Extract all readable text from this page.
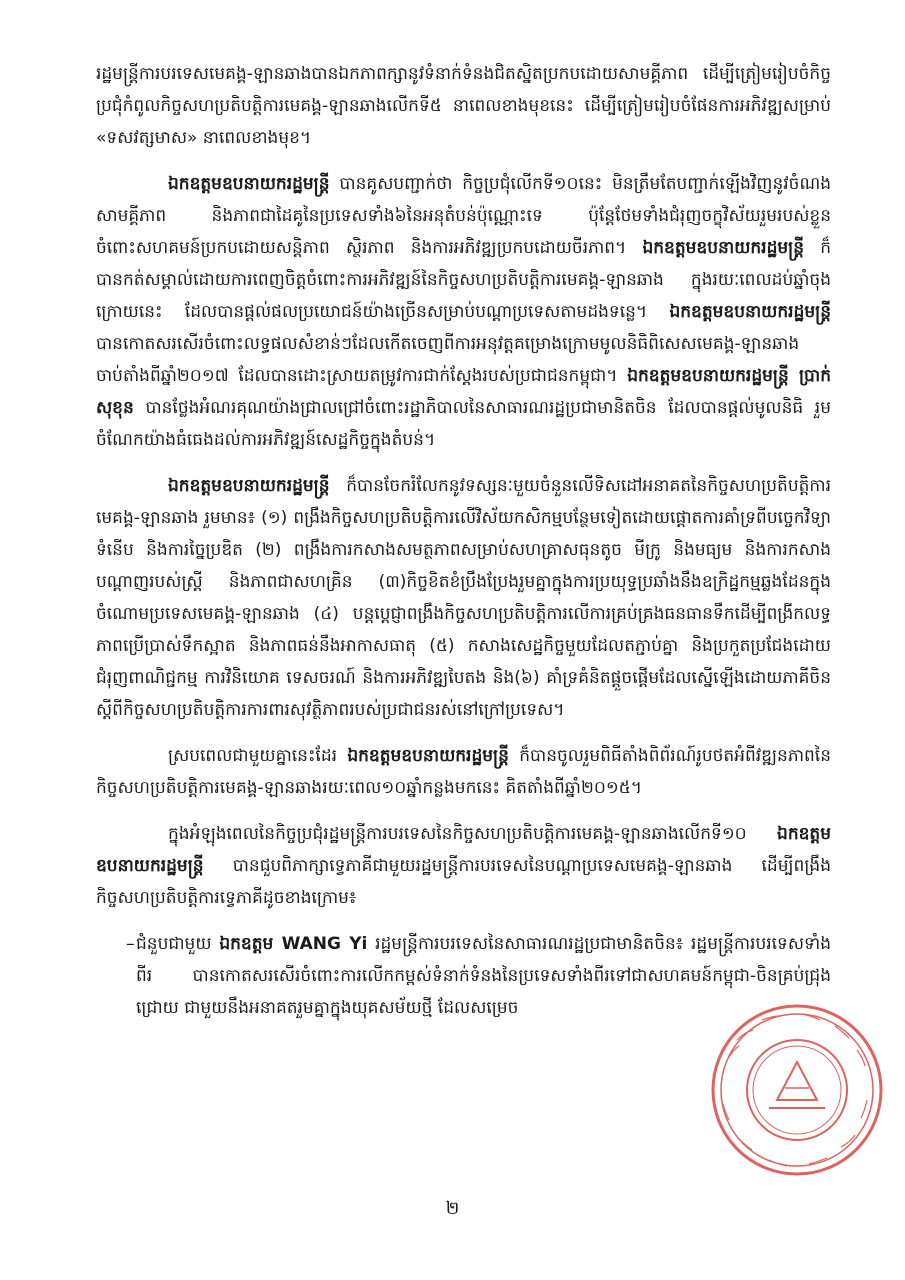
រដ្ឋមន្ត្រីការបរទេសមេគង្គ-ឡានឆាងបានឯកភាពក្សានូវទំនាក់ទំនងជិតស្និតប្រកបដោយសាមគ្គីភាព ដើម្បីត្រៀមរៀបចំកិច្ចប្រជុំកំពូលកិច្ចសហប្រតិបត្តិការមេគង្គ-ឡានឆាងលើកទី៥ នាពេលខាងមុខនេះ ដើម្បីត្រៀមរៀបចំផែនការអភិវឌ្ឍសម្រាប់ «ទសវត្សមាស» នាពេលខាងមុខ។

ឯកឧត្តមឧបនាយករដ្ឋមន្ត្រី បានគូសបញ្ជាក់ថា កិច្ចប្រជុំលើកទី១០នេះ មិនត្រឹមតែបញ្ជាក់ឡើងវិញនូវចំណងសាមគ្គីភាព និងភាពជាដៃគូនៃប្រទេសទាំង៦នៃអនុតំបន់ប៉ុណ្ណោះទេ ប៉ុន្តែថែមទាំងជំរុញចក្ខុវិស័យរួមរបស់ខ្លួនចំពោះសហគមន៍ប្រកបដោយសន្តិភាព ស្ថិរភាព និងការអភិវឌ្ឍប្រកបដោយចីរភាព។ ឯកឧត្តមឧបនាយករដ្ឋមន្ត្រី ក៏បានកត់សម្គាល់ដោយការពេញចិត្តចំពោះការអភិវឌ្ឍន៍នៃកិច្ចសហប្រតិបត្តិការមេគង្គ-ឡានឆាង ក្នុងរយៈពេលដប់ឆ្នាំចុងក្រោយនេះ ដែលបានផ្តល់ផលប្រយោជន៍យ៉ាងច្រើនសម្រាប់បណ្តាប្រទេសតាមដងទន្លេ។ ឯកឧត្តមឧបនាយករដ្ឋមន្ត្រី បានកោតសរសើរចំពោះលទ្ធផលសំខាន់ៗដែលកើតចេញពីការអនុវត្តគម្រោងក្រោមមូលនិធិពិសេសមេគង្គ-ឡានឆាង ចាប់តាំងពីឆ្នាំ២០១៧ ដែលបានដោះស្រាយតម្រូវការជាក់ស្តែងរបស់ប្រជាជនកម្ពុជា។ ឯកឧត្តមឧបនាយករដ្ឋមន្ត្រី ប្រាក់ សុខុន បានថ្លែងអំណរគុណយ៉ាងជ្រាលជ្រៅចំពោះរដ្ឋាភិបាលនៃសាធារណរដ្ឋប្រជាមានិតចិន ដែលបានផ្តល់មូលនិធិ រួមចំណែកយ៉ាងធំធេងដល់ការអភិវឌ្ឍន៍សេដ្ឋកិច្ចក្នុងតំបន់។

ឯកឧត្តមឧបនាយករដ្ឋមន្ត្រី ក៏បានចែករំលែកនូវទស្សនៈមួយចំនួនលើទិសដៅអនាគតនៃកិច្ចសហប្រតិបត្តិការមេគង្គ-ឡានឆាង រួមមាន៖ (១) ពង្រឹងកិច្ចសហប្រតិបត្តិការលើវិស័យកសិកម្មបន្ថែមទៀតដោយផ្តោតការគាំទ្រពីបច្ចេកវិទ្យាទំនើប និងការច្នៃប្រឌិត (២) ពង្រឹងការកសាងសមត្ថភាពសម្រាប់សហគ្រាសធុនតូច មីក្រូ និងមធ្យម និងការកសាងបណ្តាញរបស់ស្ត្រី និងភាពជាសហគ្រិន (៣)កិច្ចខិតខំប្រឹងប្រែងរួមគ្នាក្នុងការប្រយុទ្ធប្រឆាំងនឹងឧក្រិដ្ឋកម្មឆ្លងដែនក្នុងចំណោមប្រទេសមេគង្គ-ឡានឆាង (៤) បន្តប្តេជ្ញាពង្រឹងកិច្ចសហប្រតិបត្តិការលើការគ្រប់គ្រងធនធានទឹកដើម្បីពង្រីកលទ្ធភាពប្រើប្រាស់ទឹកស្អាត និងភាពធន់នឹងអាកាសធាតុ (៥) កសាងសេដ្ឋកិច្ចមួយដែលតភ្ជាប់គ្នា និងប្រកួតប្រជែងដោយជំរុញពាណិជ្ជកម្ម ការវិនិយោគ ទេសចរណ៍ និងការអភិវឌ្ឍបៃតង និង(៦) គាំទ្រគំនិតផ្តួចផ្តើមដែលស្នើឡើងដោយភាគីចិន ស្តីពីកិច្ចសហប្រតិបត្តិការការពារសុវត្ថិភាពរបស់ប្រជាជនរស់នៅក្រៅប្រទេស។

ស្របពេលជាមួយគ្នានេះដែរ ឯកឧត្តមឧបនាយករដ្ឋមន្ត្រី ក៏បានចូលរួមពិធីតាំងពិព័រណ៍រូបថតអំពីវឌ្ឍនភាពនៃកិច្ចសហប្រតិបត្តិការមេគង្គ-ឡានឆាងរយៈពេល១០ឆ្នាំកន្លងមកនេះ គិតតាំងពីឆ្នាំ២០១៥។

ក្នុងអំឡុងពេលនៃកិច្ចប្រជុំរដ្ឋមន្ត្រីការបរទេសនៃកិច្ចសហប្រតិបត្តិការមេគង្គ-ឡានឆាងលើកទី១០ ឯកឧត្តមឧបនាយករដ្ឋមន្ត្រី បានជួបពិភាក្សាទ្វេភាគីជាមួយរដ្ឋមន្ត្រីការបរទេសនៃបណ្តាប្រទេសមេគង្គ-ឡានឆាង ដើម្បីពង្រឹងកិច្ចសហប្រតិបត្តិការទ្វេភាគីដូចខាងក្រោម៖

– ជំនួបជាមួយ ឯកឧត្តម WANG Yi រដ្ឋមន្ត្រីការបរទេសនៃសាធារណរដ្ឋប្រជាមានិតចិន៖ រដ្ឋមន្ត្រីការបរទេសទាំងពីរ បានកោតសរសើរចំពោះការលើកកម្ពស់ទំនាក់ទំនងនៃប្រទេសទាំងពីរទៅជាសហគមន៍កម្ពុជា-ចិនគ្រប់ជ្រុងជ្រោយ ជាមួយនឹងអនាគតរួមគ្នាក្នុងយុគសម័យថ្មី ដែលសម្រេច

២
